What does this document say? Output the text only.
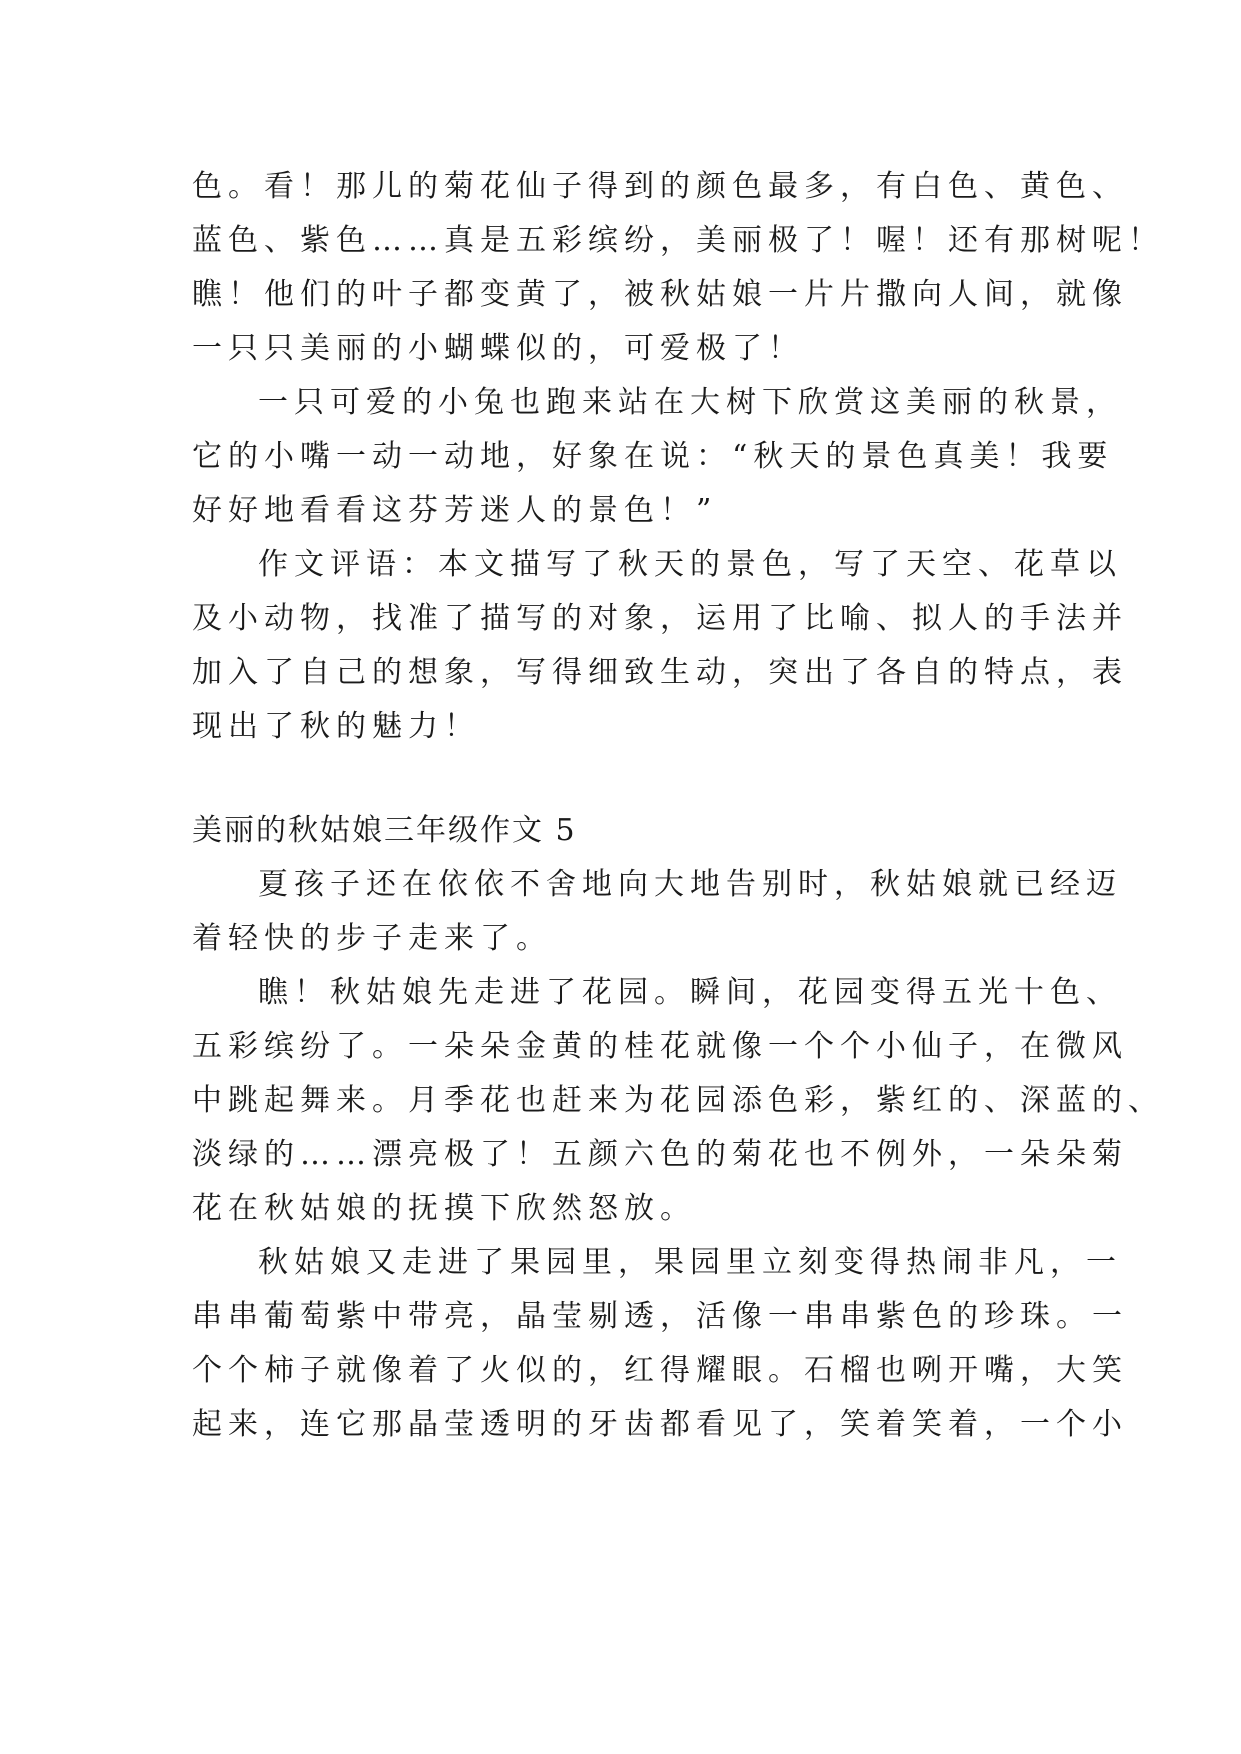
色。看！那儿的菊花仙子得到的颜色最多，有白色、黄色、
蓝色、紫色……真是五彩缤纷，美丽极了！喔！还有那树呢！
瞧！他们的叶子都变黄了，被秋姑娘一片片撒向人间，就像
一只只美丽的小蝴蝶似的，可爱极了！
一只可爱的小兔也跑来站在大树下欣赏这美丽的秋景，
它的小嘴一动一动地，好象在说：“秋天的景色真美！我要
好好地看看这芬芳迷人的景色！”
作文评语：本文描写了秋天的景色，写了天空、花草以
及小动物，找准了描写的对象，运用了比喻、拟人的手法并
加入了自己的想象，写得细致生动，突出了各自的特点，表
现出了秋的魅力！
美丽的秋姑娘三年级作文 5
夏孩子还在依依不舍地向大地告别时，秋姑娘就已经迈
着轻快的步子走来了。
瞧！秋姑娘先走进了花园。瞬间，花园变得五光十色、
五彩缤纷了。一朵朵金黄的桂花就像一个个小仙子，在微风
中跳起舞来。月季花也赶来为花园添色彩，紫红的、深蓝的、
淡绿的……漂亮极了！五颜六色的菊花也不例外，一朵朵菊
花在秋姑娘的抚摸下欣然怒放。
秋姑娘又走进了果园里，果园里立刻变得热闹非凡，一
串串葡萄紫中带亮，晶莹剔透，活像一串串紫色的珍珠。一
个个柿子就像着了火似的，红得耀眼。石榴也咧开嘴，大笑
起来，连它那晶莹透明的牙齿都看见了，笑着笑着，一个小
